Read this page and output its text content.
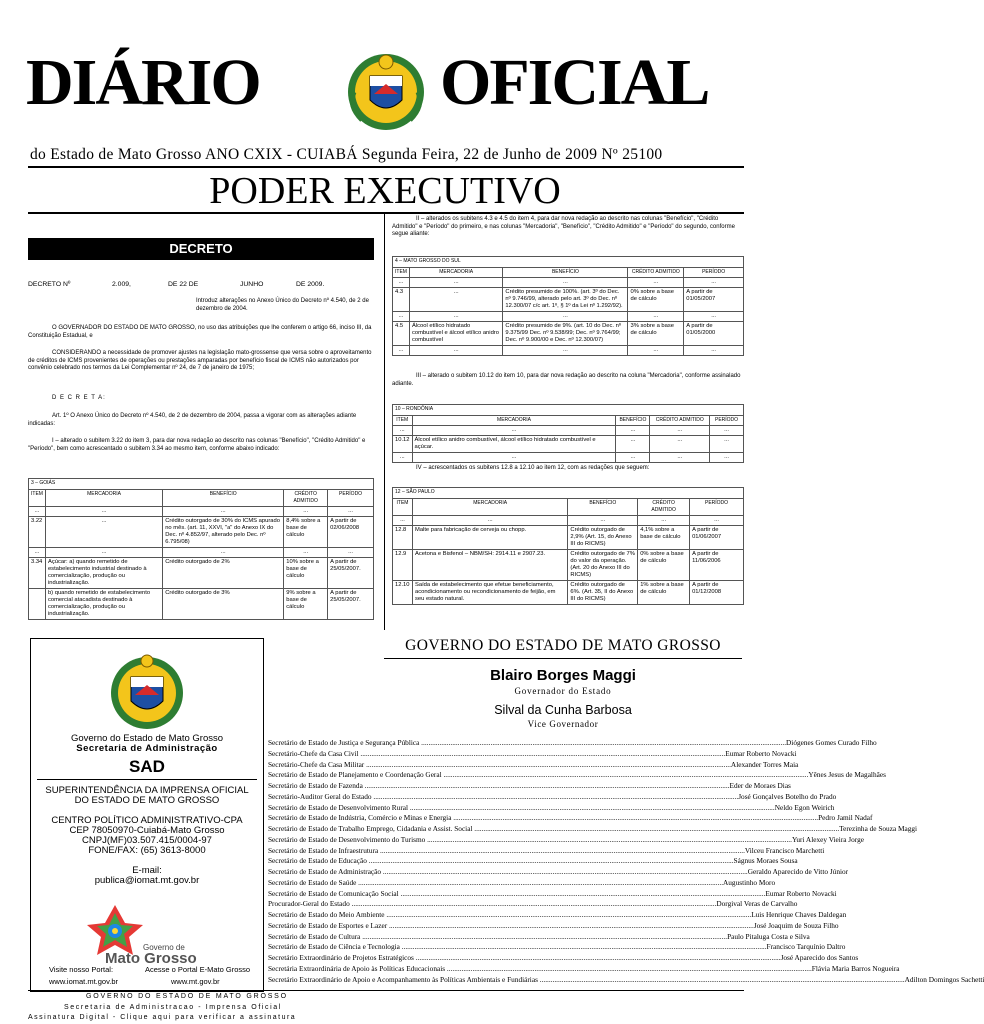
DIÁRIO	OFICIAL
do Estado de Mato Grosso ANO CXIX - CUIABÁ Segunda Feira, 22 de Junho de 2009 Nº 25100
PODER EXECUTIVO
DECRETO
DECRETO Nº	2.009,	DE 22 DE	JUNHO	DE 2009.
Introduz alterações no Anexo Único do Decreto nº 4.540, de 2 de dezembro de 2004.
O GOVERNADOR DO ESTADO DE MATO GROSSO, no uso das atribuições que lhe conferem o artigo 66, inciso III, da Constituição Estadual, e
CONSIDERANDO a necessidade de promover ajustes na legislação mato-grossense que versa sobre o aproveitamento de créditos de ICMS provenientes de operações ou prestações amparadas por benefício fiscal de ICMS não autorizados por convênio celebrado nos termos da Lei Complementar nº 24, de 7 de janeiro de 1975;
D E C R E T A:
Art. 1º O Anexo Único do Decreto nº 4.540, de 2 de dezembro de 2004, passa a vigorar com as alterações adiante indicadas:
I – alterado o subitem 3.22 do item 3, para dar nova redação ao descrito nas colunas "Benefício", "Crédito Admitido" e "Período", bem como acrescentado o subitem 3.34 ao mesmo item, conforme abaixo indicado:
3 – GOIÁS
ITEM	MERCADORIA	BENEFÍCIO	CRÉDITO ADMITIDO	PERÍODO
...	...	...	...	...
3.22	...	Crédito outorgado de 30% do ICMS apurado no mês. (art. 11, XXVI, "a" do Anexo IX do Dec. nº 4.852/97, alterado pelo Dec. nº 6.795/08)	8,4% sobre a base de cálculo	A partir de 02/06/2008
...	...	...	...	...
3.34	Açúcar: a) quando remetido de estabelecimento industrial destinado à comercialização, produção ou industrialização.	Crédito outorgado de 2%	10% sobre a base de cálculo	A partir de 25/05/2007.
	b) quando remetido de estabelecimento comercial atacadista destinado à comercialização, produção ou industrialização.	Crédito outorgado de 3%	9% sobre a base de cálculo	A partir de 25/05/2007.
II – alterados os subitens 4.3 e 4.5 do item 4, para dar nova redação ao descrito nas colunas "Benefício", "Crédito Admitido" e "Período" do primeiro, e nas colunas "Mercadoria", "Benefício", "Crédito Admitido" e "Período" do segundo, conforme segue aliante:
4 – MATO GROSSO DO SUL
ITEM	MERCADORIA	BENEFÍCIO	CRÉDITO ADMITIDO	PERÍODO
...	...	...	...	...
4.3	...	Crédito presumido de 100%. (art. 3º do Dec. nº 9.746/99, alterado pelo art. 3º do Dec. nº 12.300/07 c/c art. 1º, § 1º da Lei nº 1.292/92).	0% sobre a base de cálculo	A partir de 01/05/2007
...	...	...	...	...
4.5	Álcool etílico hidratado combustível e álcool etílico anidro combustível	Crédito presumido de 9%. (art. 10 do Dec. nº 9.375/99 Dec. nº 9.538/99; Dec. nº 9.764/99; Dec. nº 9.900/00 e Dec. nº 12.300/07)	3% sobre a base de cálculo	A partir de 01/05/2000
...	...	...	...	...
III – alterado o subitem 10.12 do item 10, para dar nova redação ao descrito na coluna "Mercadoria", conforme assinalado adiante.
10 – RONDÔNIA
ITEM	MERCADORIA	BENEFÍCIO	CRÉDITO ADMITIDO	PERÍODO
...	...	...	...	...
10.12	Álcool etílico anidro combustível, álcool etílico hidratado combustível e açúcar.	...	...	...
...	...	...	...	...
IV – acrescentados os subitens 12.8 a 12.10 ao item 12, com as redações que seguem:
12 – SÃO PAULO
ITEM	MERCADORIA	BENEFÍCIO	CRÉDITO ADMITIDO	PERÍODO
...	...	...	...	...
12.8	Malte para fabricação de cerveja ou chopp.	Crédito outorgado de 2,9% (Art. 15, do Anexo III do RICMS)	4,1% sobre a base de cálculo	A partir de 01/06/2007
12.9	Acetona e Bisfenol – NBM/SH: 2914.11 e 2907.23.	Crédito outorgado de 7% do valor da operação. (Art. 20 do Anexo III do RICMS)	0% sobre a base de cálculo	A partir de 11/06/2006
12.10	Saída de estabelecimento que efetue beneficiamento, acondicionamento ou recondicionamento de feijão, em seu estado natural.	Crédito outorgado de 6%. (Art. 35, II do Anexo III do RICMS)	1% sobre a base de cálculo	A partir de 01/12/2008
GOVERNO DO ESTADO DE MATO GROSSO
Blairo Borges Maggi
Governador do Estado
Silval da Cunha Barbosa
Vice Governador
Secretário de Estado de Justiça e Segurança Pública ........................................................................................................................................................................................................ Diógenes Gomes Curado Filho
Secretário-Chefe da Casa Civil ........................................................................................................................................................................................................ Eumar Roberto Novacki
Secretário-Chefe da Casa Militar ........................................................................................................................................................................................................ Alexander Torres Maia
Secretário de Estado de Planejamento e Coordenação Geral ........................................................................................................................................................................................................ Yênes Jesus de Magalhães
Secretário de Estado de Fazenda ........................................................................................................................................................................................................ Eder de Moraes Dias
Secretário-Auditor Geral do Estado ........................................................................................................................................................................................................ José Gonçalves Botelho do Prado
Secretário de Estado de Desenvolvimento Rural ........................................................................................................................................................................................................ Neldo Egon Weirich
Secretário de Estado de Indústria, Comércio e Minas e Energia ........................................................................................................................................................................................................ Pedro Jamil Nadaf
Secretário de Estado de Trabalho Emprego, Cidadania e Assist. Social ........................................................................................................................................................................................................ Terezinha de Souza Maggi
Secretário de Estado de Desenvolvimento do Turismo ........................................................................................................................................................................................................ Yuri Alexey Vieira Jorge
Secretário de Estado de Infraestrutura ........................................................................................................................................................................................................ Vilceu Francisco Marchetti
Secretário de Estado de Educação ........................................................................................................................................................................................................ Ságnus Moraes Sousa
Secretário de Estado de Administração ........................................................................................................................................................................................................ Geraldo Aparecido de Vitto Júnior
Secretário de Estado de Saúde ........................................................................................................................................................................................................ Augustinho Moro
Secretário de Estado de Comunicação Social ........................................................................................................................................................................................................ Eumar Roberto Novacki
Procurador-Geral do Estado ........................................................................................................................................................................................................ Dorgival Veras de Carvalho
Secretário de Estado do Meio Ambiente ........................................................................................................................................................................................................ Luis Henrique Chaves Daldegan
Secretário de Estado de Esportes e Lazer ........................................................................................................................................................................................................ José Joaquim de Souza Filho
Secretário de Estado de Cultura ........................................................................................................................................................................................................ Paulo Pitaluga Costa e Silva
Secretário de Estado de Ciência e Tecnologia ........................................................................................................................................................................................................ Francisco Tarquínio Daltro
Secretário Extraordinário de Projetos Estratégicos ........................................................................................................................................................................................................ José Aparecido dos Santos
Secretária Extraordinária de Apoio às Políticas Educacionais ........................................................................................................................................................................................................ Flávia Maria Barros Nogueira
Secretário Extraordinário de Apoio e Acompanhamento às Políticas Ambientais e Fundiárias ........................................................................................................................................................................................................ Adilton Domingos Sachetti
Governo do Estado de Mato Grosso
Secretaria de Administração
SAD
SUPERINTENDÊNCIA DA IMPRENSA OFICIAL
DO ESTADO DE MATO GROSSO
CENTRO POLÍTICO ADMINISTRATIVO-CPA
CEP 78050970-Cuiabá-Mato Grosso
CNPJ(MF)03.507.415/0004-97
FONE/FAX: (65) 3613-8000
E-mail:
publica@iomat.mt.gov.br
Governo de
Mato Grosso
Visite nosso Portal:
www.iomat.mt.gov.br
Acesse o Portal E-Mato Grosso
www.mt.gov.br
GOVERNO DO ESTADO DE MATO GROSSO
Secretaria de Administracao - Imprensa Oficial
Assinatura Digital - Clique aqui para verificar a assinatura
